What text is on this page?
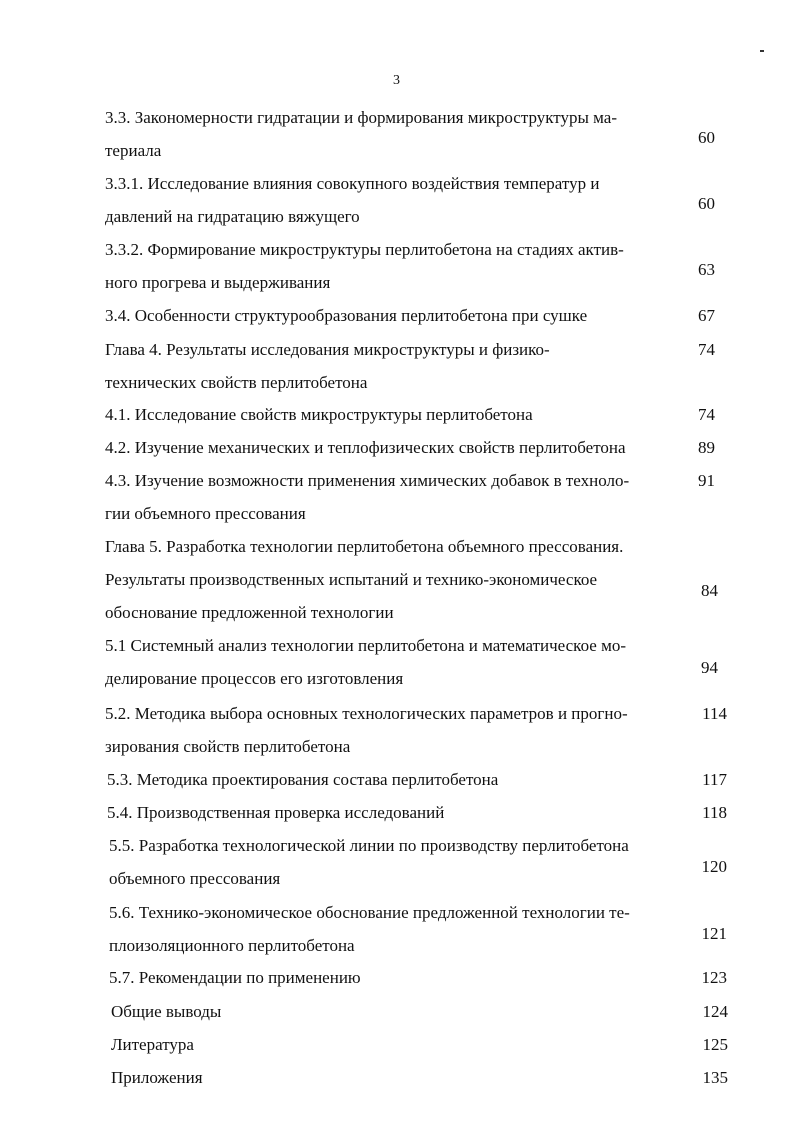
3
3.3. Закономерности гидратации и формирования микроструктуры ма-
териала
60
3.3.1. Исследование влияния совокупного воздействия температур и
давлений на гидратацию вяжущего
60
3.3.2. Формирование микроструктуры перлитобетона на стадиях актив-
ного прогрева и выдерживания
63
3.4. Особенности структурообразования перлитобетона при сушке	67
Глава 4. Результаты исследования микроструктуры и физико-
технических свойств перлитобетона
74
4.1. Исследование свойств микроструктуры перлитобетона	74
4.2. Изучение механических и теплофизических свойств перлитобетона	89
4.3. Изучение возможности применения химических добавок в техноло-
гии объемного прессования
91
Глава 5. Разработка технологии перлитобетона объемного прессования.
Результаты производственных испытаний и технико-экономическое
обоснование предложенной технологии
84
5.1 Системный анализ технологии перлитобетона и математическое мо-
делирование процессов его изготовления
94
5.2. Методика выбора основных технологических параметров и прогно-
зирования свойств перлитобетона
114
5.3. Методика проектирования состава перлитобетона	117
5.4. Производственная проверка исследований	118
5.5. Разработка технологической линии по производству перлитобетона
объемного прессования
120
5.6. Технико-экономическое обоснование предложенной технологии те-
плоизоляционного перлитобетона
121
5.7. Рекомендации по применению	123
Общие выводы	124
Литература	125
Приложения	135
